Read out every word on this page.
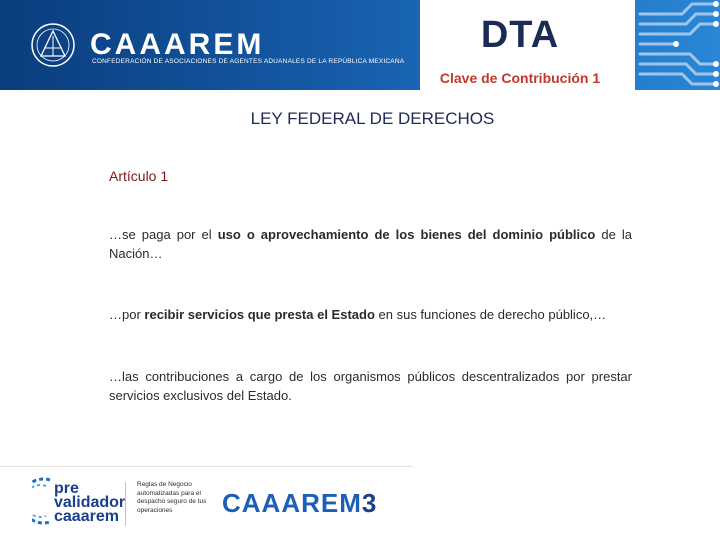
CAAAREM
CONFEDERACIÓN DE ASOCIACIONES DE AGENTES ADUANALES DE LA REPÚBLICA MEXICANA
DTA
Clave de Contribución 1
LEY FEDERAL DE DERECHOS
Artículo 1
…se paga por el uso o aprovechamiento de los bienes del dominio público de la Nación…
…por recibir servicios que presta el Estado en sus funciones de derecho público,…
…las contribuciones a cargo de los organismos públicos descentralizados por prestar servicios exclusivos del Estado.
pre
validador
caaarem
Reglas de Negocio automatizadas para el despacho seguro de tus operaciones	CAAAREM3
